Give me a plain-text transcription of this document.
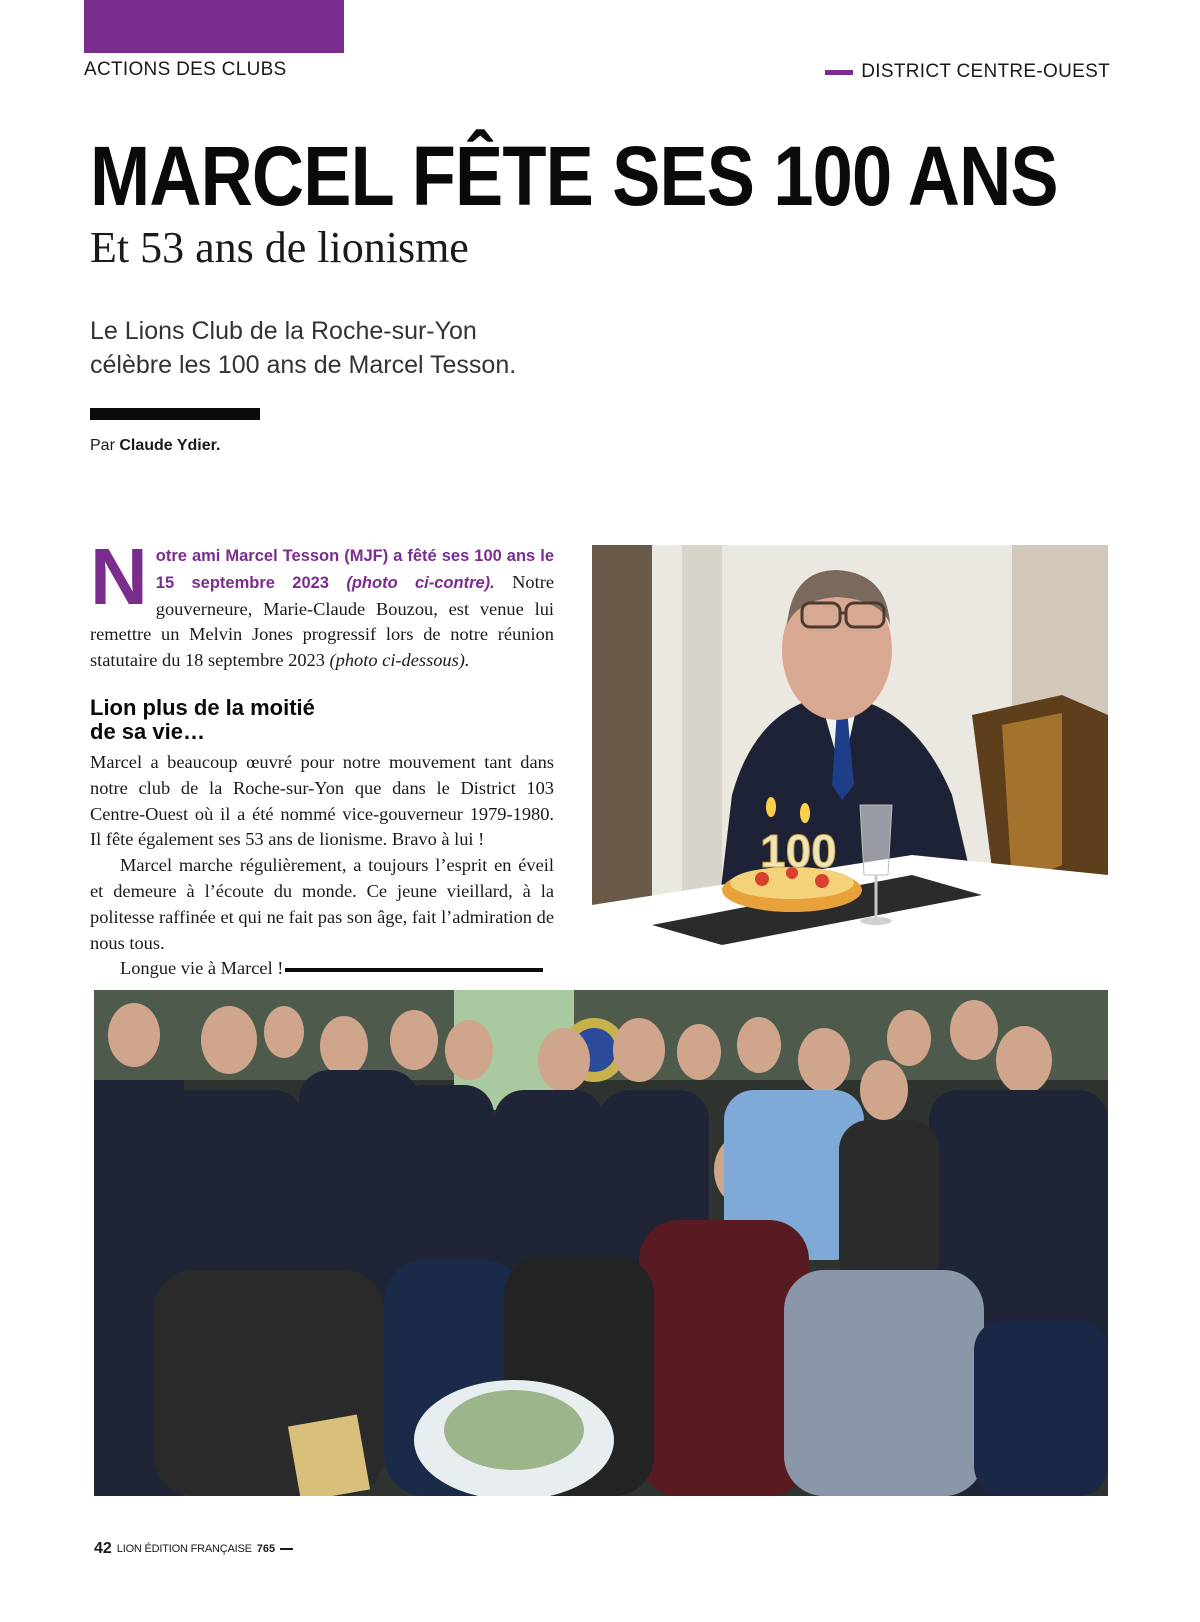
ACTIONS DES CLUBS	DISTRICT CENTRE-OUEST
MARCEL FÊTE SES 100 ANS
Et 53 ans de lionisme
Le Lions Club de la Roche-sur-Yon
célèbre les 100 ans de Marcel Tesson.
Par Claude Ydier.

N otre ami Marcel Tesson (MJF) a fêté ses 100 ans le 15 septembre 2023 (photo ci-contre). Notre gouverneure, Marie-Claude Bouzou, est venue lui remettre un Melvin Jones progressif lors de notre réunion statutaire du 18 septembre 2023 (photo ci-dessous).

Lion plus de la moitié
de sa vie…

Marcel a beaucoup œuvré pour notre mouvement tant dans notre club de la Roche-sur-Yon que dans le District 103 Centre-Ouest où il a été nommé vice-gouverneur 1979-1980. Il fête également ses 53 ans de lionisme. Bravo à lui !

Marcel marche régulièrement, a toujours l’esprit en éveil et demeure à l’écoute du monde. Ce jeune vieillard, à la politesse raffinée et qui ne fait pas son âge, fait l’admiration de nous tous.

Longue vie à Marcel !

100
42 LION ÉDITION FRANÇAISE 765
